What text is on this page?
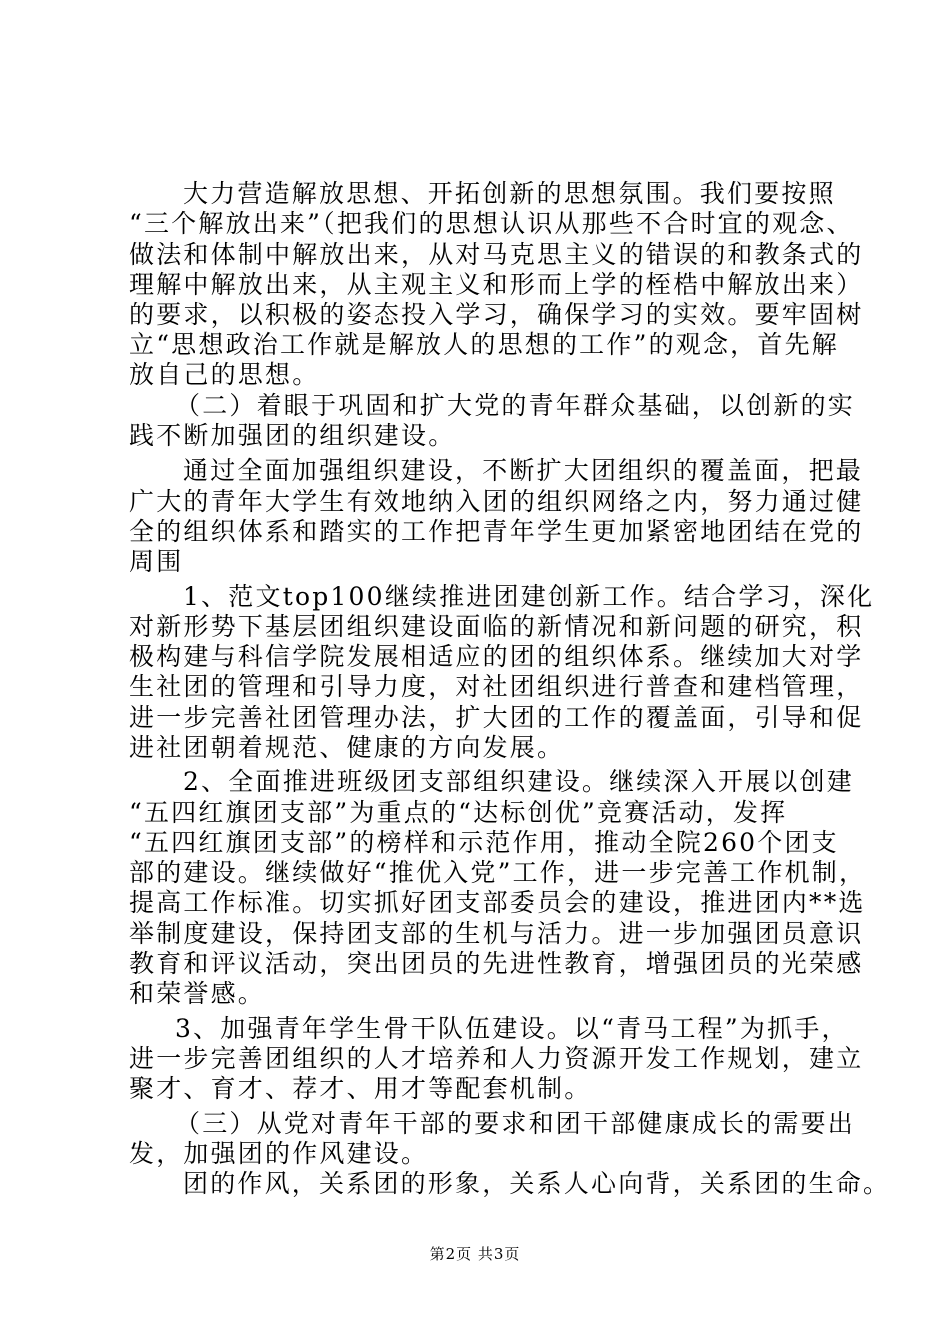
大力营造解放思想、开拓创新的思想氛围。我们要按照
“三个解放出来”（把我们的思想认识从那些不合时宜的观念、
做法和体制中解放出来，从对马克思主义的错误的和教条式的
理解中解放出来，从主观主义和形而上学的桎梏中解放出来）
的要求，以积极的姿态投入学习，确保学习的实效。要牢固树
立“思想政治工作就是解放人的思想的工作”的观念，首先解
放自己的思想。
（二）着眼于巩固和扩大党的青年群众基础，以创新的实
践不断加强团的组织建设。
通过全面加强组织建设，不断扩大团组织的覆盖面，把最
广大的青年大学生有效地纳入团的组织网络之内，努力通过健
全的组织体系和踏实的工作把青年学生更加紧密地团结在党的
周围
1、范文top100继续推进团建创新工作。结合学习，深化
对新形势下基层团组织建设面临的新情况和新问题的研究，积
极构建与科信学院发展相适应的团的组织体系。继续加大对学
生社团的管理和引导力度，对社团组织进行普查和建档管理，
进一步完善社团管理办法，扩大团的工作的覆盖面，引导和促
进社团朝着规范、健康的方向发展。
2、全面推进班级团支部组织建设。继续深入开展以创建
“五四红旗团支部”为重点的“达标创优”竞赛活动，发挥
“五四红旗团支部”的榜样和示范作用，推动全院260个团支
部的建设。继续做好“推优入党”工作，进一步完善工作机制，
提高工作标准。切实抓好团支部委员会的建设，推进团内**选
举制度建设，保持团支部的生机与活力。进一步加强团员意识
教育和评议活动，突出团员的先进性教育，增强团员的光荣感
和荣誉感。
3、加强青年学生骨干队伍建设。以“青马工程”为抓手，
进一步完善团组织的人才培养和人力资源开发工作规划，建立
聚才、育才、荐才、用才等配套机制。
（三）从党对青年干部的要求和团干部健康成长的需要出
发，加强团的作风建设。
团的作风，关系团的形象，关系人心向背，关系团的生命。
第2页 共3页
